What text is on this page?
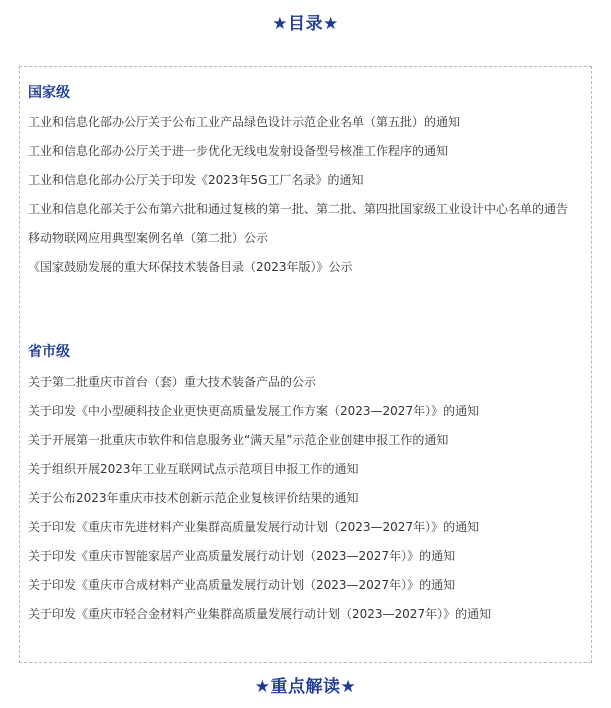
★目录★
国家级
工业和信息化部办公厅关于公布工业产品绿色设计示范企业名单（第五批）的通知
工业和信息化部办公厅关于进一步优化无线电发射设备型号核准工作程序的通知
工业和信息化部办公厅关于印发《2023年5G工厂名录》的通知
工业和信息化部关于公布第六批和通过复核的第一批、第二批、第四批国家级工业设计中心名单的通告
移动物联网应用典型案例名单（第二批）公示
《国家鼓励发展的重大环保技术装备目录（2023年版）》公示
省市级
关于第二批重庆市首台（套）重大技术装备产品的公示
关于印发《中小型硬科技企业更快更高质量发展工作方案（2023—2027年）》的通知
关于开展第一批重庆市软件和信息服务业“满天星”示范企业创建申报工作的通知
关于组织开展2023年工业互联网试点示范项目申报工作的通知
关于公布2023年重庆市技术创新示范企业复核评价结果的通知
关于印发《重庆市先进材料产业集群高质量发展行动计划（2023—2027年）》的通知
关于印发《重庆市智能家居产业高质量发展行动计划（2023—2027年）》的通知
关于印发《重庆市合成材料产业高质量发展行动计划（2023—2027年）》的通知
关于印发《重庆市轻合金材料产业集群高质量发展行动计划（2023—2027年）》的通知
★重点解读★
